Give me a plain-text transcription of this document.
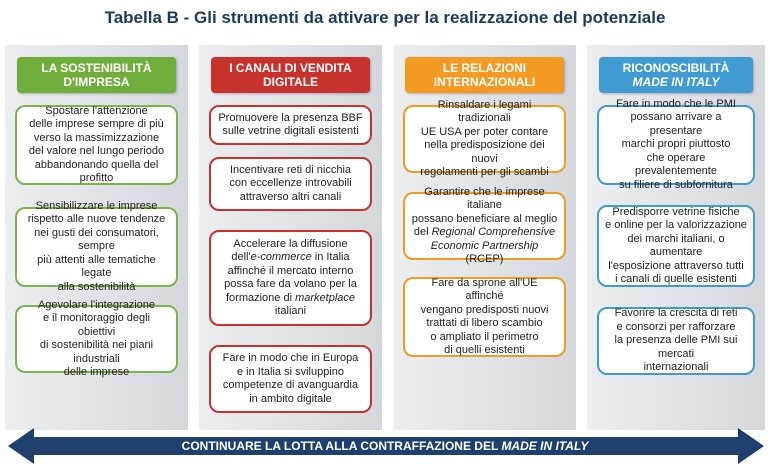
Tabella B - Gli strumenti da attivare per la realizzazione del potenziale
LA SOSTENIBILITÀ
D'IMPRESA
Spostare l'attenzione
delle imprese sempre di più
verso la massimizzazione
del valore nel lungo periodo
abbandonando quella del profitto
Sensibilizzare le imprese
rispetto alle nuove tendenze
nei gusti dei consumatori, sempre
più attenti alle tematiche legate
alla sostenibilità
Agevolare l'integrazione
e il monitoraggio degli obiettivi
di sostenibilità nei piani industriali
delle imprese
I CANALI DI VENDITA
DIGITALE
Promuovere la presenza BBF
sulle vetrine digitali esistenti
Incentivare reti di nicchia
con eccellenze introvabili
attraverso altri canali
Accelerare la diffusione
dell'e-commerce in Italia
affinché il mercato interno
possa fare da volano per la
formazione di marketplace
italiani
Fare in modo che in Europa
e in Italia si sviluppino
competenze di avanguardia
in ambito digitale
LE RELAZIONI
INTERNAZIONALI
Rinsaldare i legami tradizionali
UE USA per poter contare
nella predisposizione dei nuovi
regolamenti per gli scambi
Garantire che le imprese italiane
possano beneficiare al meglio
del Regional Comprehensive
Economic Partnership (RCEP)
Fare da sprone all'UE affinché
vengano predisposti nuovi
trattati di libero scambio
o ampliato il perimetro
di quelli esistenti
RICONOSCIBILITÀ
MADE IN ITALY
Fare in modo che le PMI
possano arrivare a presentare
marchi propri piuttosto
che operare prevalentemente
su filiere di subfornitura
Predisporre vetrine fisiche
e online per la valorizzazione
dei marchi italiani, o aumentare
l'esposizione attraverso tutti
i canali di quelle esistenti
Favorire la crescita di reti
e consorzi per rafforzare
la presenza delle PMI sui mercati
internazionali
CONTINUARE LA LOTTA ALLA CONTRAFFAZIONE DEL MADE IN ITALY
